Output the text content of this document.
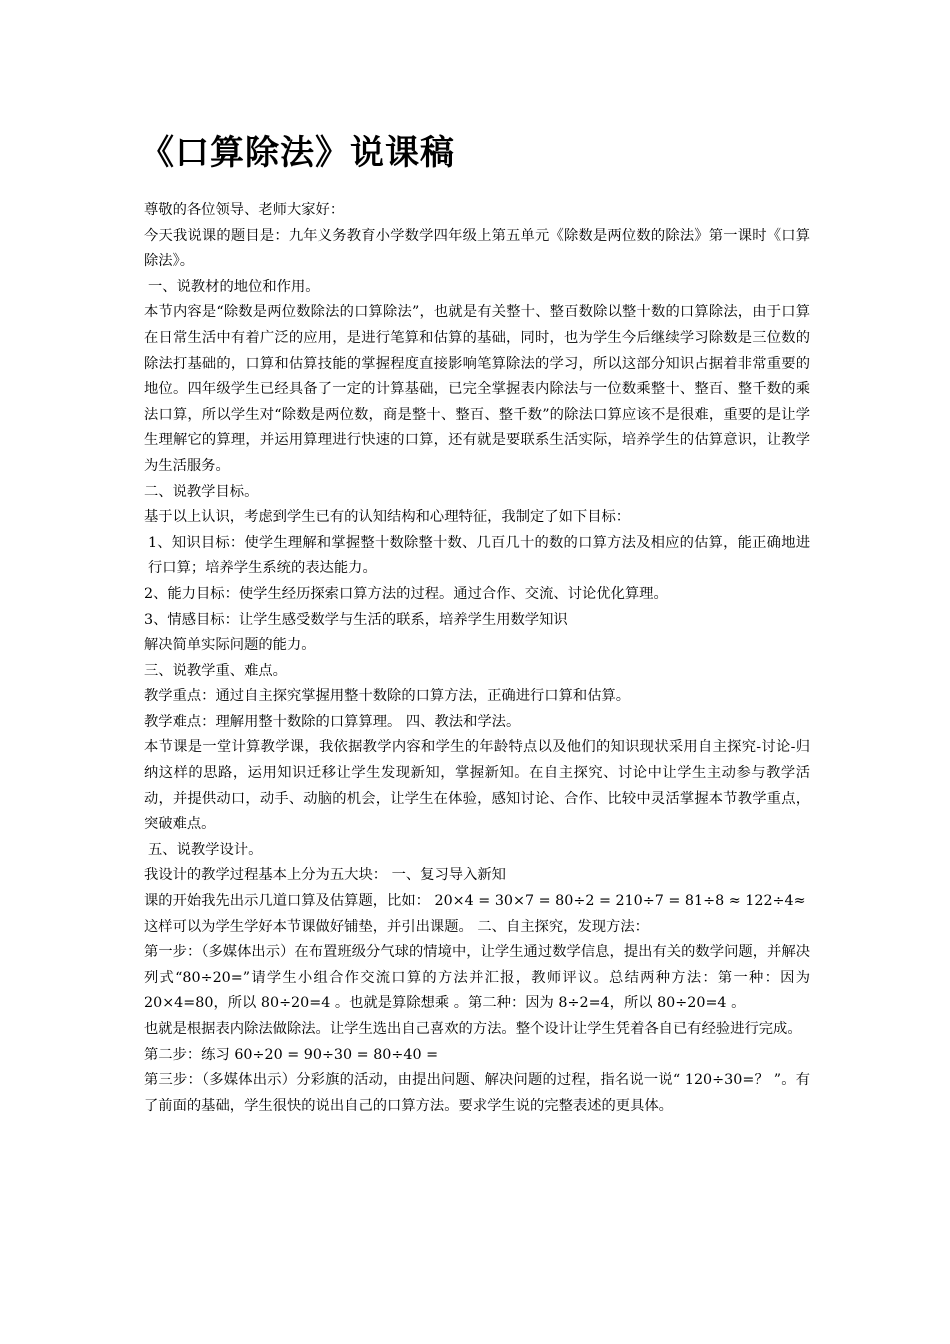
《口算除法》说课稿

尊敬的各位领导、老师大家好：

今天我说课的题目是：九年义务教育小学数学四年级上第五单元《除数是两位数的除法》第一课时《口算除法》。

一、说教材的地位和作用。

本节内容是“除数是两位数除法的口算除法”，也就是有关整十、整百数除以整十数的口算除法，由于口算在日常生活中有着广泛的应用，是进行笔算和估算的基础，同时，也为学生今后继续学习除数是三位数的除法打基础的，口算和估算技能的掌握程度直接影响笔算除法的学习，所以这部分知识占据着非常重要的地位。四年级学生已经具备了一定的计算基础，已完全掌握表内除法与一位数乘整十、整百、整千数的乘法口算，所以学生对“除数是两位数，商是整十、整百、整千数”的除法口算应该不是很难，重要的是让学生理解它的算理，并运用算理进行快速的口算，还有就是要联系生活实际，培养学生的估算意识，让教学为生活服务。

二、说教学目标。

基于以上认识，考虑到学生已有的认知结构和心理特征，我制定了如下目标：

1、知识目标：使学生理解和掌握整十数除整十数、几百几十的数的口算方法及相应的估算，能正确地进行口算；培养学生系统的表达能力。

2、能力目标：使学生经历探索口算方法的过程。通过合作、交流、讨论优化算理。

3、情感目标：让学生感受数学与生活的联系，培养学生用数学知识

解决简单实际问题的能力。

三、说教学重、难点。

教学重点：通过自主探究掌握用整十数除的口算方法，正确进行口算和估算。

教学难点：理解用整十数除的口算算理。 四、教法和学法。

本节课是一堂计算教学课，我依据教学内容和学生的年龄特点以及他们的知识现状采用自主探究-讨论-归纳这样的思路，运用知识迁移让学生发现新知，掌握新知。在自主探究、讨论中让学生主动参与教学活动，并提供动口，动手、动脑的机会，让学生在体验，感知讨论、合作、比较中灵活掌握本节教学重点，突破难点。

五、说教学设计。

我设计的教学过程基本上分为五大块： 一、复习导入新知

课的开始我先出示几道口算及估算题，比如： 20×4 = 30×7 = 80÷2 = 210÷7 = 81÷8 ≈ 122÷4≈

这样可以为学生学好本节课做好铺垫，并引出课题。 二、自主探究，发现方法：

第一步：（多媒体出示）在布置班级分气球的情境中，让学生通过数学信息，提出有关的数学问题，并解决列式“80÷20=”请学生小组合作交流口算的方法并汇报，教师评议。总结两种方法：第一种：因为 20×4=80，所以 80÷20=4 。也就是算除想乘 。第二种：因为 8÷2=4，所以 80÷20=4 。

也就是根据表内除法做除法。让学生选出自己喜欢的方法。整个设计让学生凭着各自已有经验进行完成。

第二步：练习 60÷20 = 90÷30 = 80÷40 =

第三步：（多媒体出示）分彩旗的活动，由提出问题、解决问题的过程，指名说一说“ 120÷30=？ ”。有了前面的基础，学生很快的说出自己的口算方法。要求学生说的完整表述的更具体。
